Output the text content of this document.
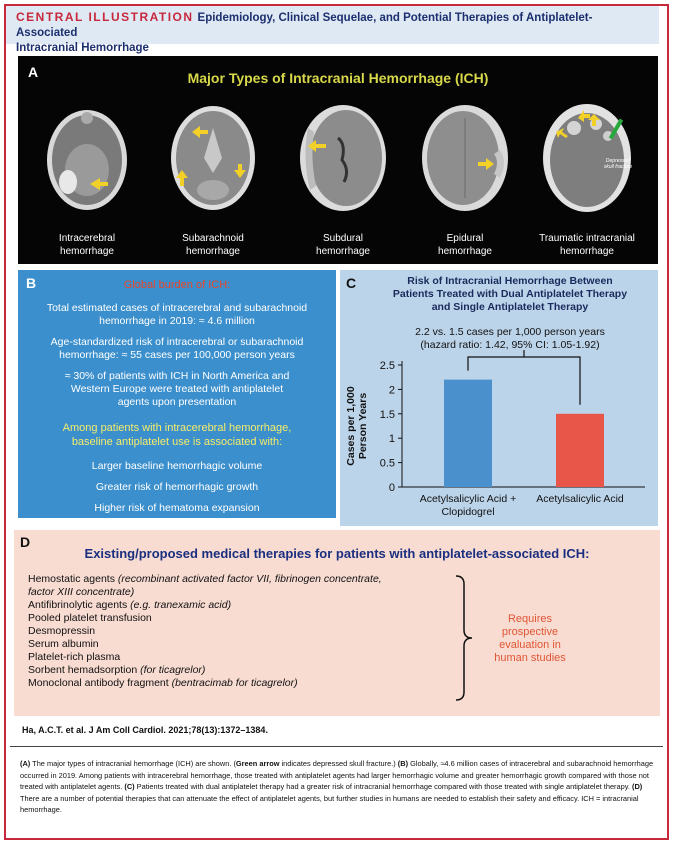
CENTRAL ILLUSTRATION Epidemiology, Clinical Sequelae, and Potential Therapies of Antiplatelet-Associated
Intracranial Hemorrhage
A	Major Types of Intracranial Hemorrhage (ICH)
Intracerebral
hemorrhage
Subarachnoid
hemorrhage
Subdural
hemorrhage
Epidural
hemorrhage
Depressed
skull fracture
Traumatic intracranial
hemorrhage
B	Global burden of ICH:
Total estimated cases of intracerebral and subarachnoid
hemorrhage in 2019: ≈ 4.6 million
Age-standardized risk of intracerebral or subarachnoid
hemorrhage: ≈ 55 cases per 100,000 person years
≈ 30% of patients with ICH in North America and
Western Europe were treated with antiplatelet
agents upon presentation
Among patients with intracerebral hemorrhage,
baseline antiplatelet use is associated with:
Larger baseline hemorrhagic volume
Greater risk of hemorrhagic growth
Higher risk of hematoma expansion
C	Risk of Intracranial Hemorrhage Between
Patients Treated with Dual Antiplatelet Therapy
and Single Antiplatelet Therapy
2.2 vs. 1.5 cases per 1,000 person years
(hazard ratio: 1.42, 95% CI: 1.05-1.92)
0
0.5
1
1.5
2
2.5
Cases per 1,000Person Years
Acetylsalicylic Acid +
Clopidogrel
Acetylsalicylic Acid
D
Existing/proposed medical therapies for patients with antiplatelet-associated ICH:
Hemostatic agents (recombinant activated factor VII, fibrinogen concentrate,
factor XIII concentrate)
Antifibrinolytic agents (e.g. tranexamic acid)
Pooled platelet transfusion
Desmopressin
Serum albumin
Platelet-rich plasma
Sorbent hemadsorption (for ticagrelor)
Monoclonal antibody fragment (bentracimab for ticagrelor)
Requires
prospective
evaluation in
human studies
Ha, A.C.T. et al. J Am Coll Cardiol. 2021;78(13):1372–1384.
(A) The major types of intracranial hemorrhage (ICH) are shown. (Green arrow indicates depressed skull fracture.) (B) Globally, ≈4.6 million cases of intracerebral and subarachnoid hemorrhage occurred in 2019. Among patients with intracerebral hemorrhage, those treated with antiplatelet agents had larger hemorrhagic volume and greater hemorrhagic growth compared with those not treated with antiplatelet agents. (C) Patients treated with dual antiplatelet therapy had a greater risk of intracranial hemorrhage compared with those treated with single antiplatelet therapy. (D) There are a number of potential therapies that can attenuate the effect of antiplatelet agents, but further studies in humans are needed to establish their safety and efficacy. ICH = intracranial hemorrhage.
